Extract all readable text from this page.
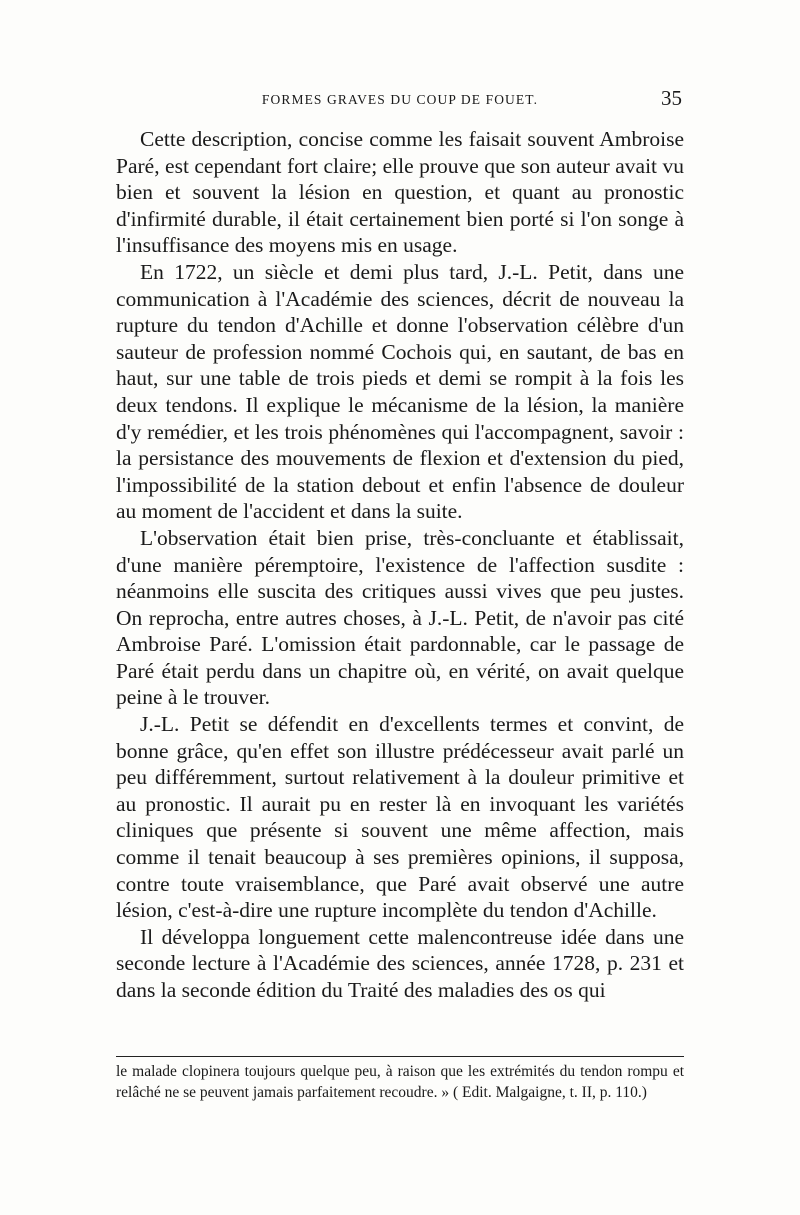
FORMES GRAVES DU COUP DE FOUET.	35

Cette description, concise comme les faisait souvent Ambroise Paré, est cependant fort claire; elle prouve que son auteur avait vu bien et souvent la lésion en question, et quant au pronostic d'infirmité durable, il était certainement bien porté si l'on songe à l'insuffisance des moyens mis en usage.

En 1722, un siècle et demi plus tard, J.-L. Petit, dans une communication à l'Académie des sciences, décrit de nouveau la rupture du tendon d'Achille et donne l'observation célèbre d'un sauteur de profession nommé Cochois qui, en sautant, de bas en haut, sur une table de trois pieds et demi se rompit à la fois les deux tendons. Il explique le mécanisme de la lésion, la manière d'y remédier, et les trois phénomènes qui l'accompagnent, savoir : la persistance des mouvements de flexion et d'extension du pied, l'impossibilité de la station debout et enfin l'absence de douleur au moment de l'accident et dans la suite.

L'observation était bien prise, très-concluante et établissait, d'une manière péremptoire, l'existence de l'affection susdite : néanmoins elle suscita des critiques aussi vives que peu justes. On reprocha, entre autres choses, à J.-L. Petit, de n'avoir pas cité Ambroise Paré. L'omission était pardonnable, car le passage de Paré était perdu dans un chapitre où, en vérité, on avait quelque peine à le trouver.

J.-L. Petit se défendit en d'excellents termes et convint, de bonne grâce, qu'en effet son illustre prédécesseur avait parlé un peu différemment, surtout relativement à la douleur primitive et au pronostic. Il aurait pu en rester là en invoquant les variétés cliniques que présente si souvent une même affection, mais comme il tenait beaucoup à ses premières opinions, il supposa, contre toute vraisemblance, que Paré avait observé une autre lésion, c'est-à-dire une rupture incomplète du tendon d'Achille.

Il développa longuement cette malencontreuse idée dans une seconde lecture à l'Académie des sciences, année 1728, p. 231 et dans la seconde édition du Traité des maladies des os qui

le malade clopinera toujours quelque peu, à raison que les extrémités du tendon rompu et relâché ne se peuvent jamais parfaitement recoudre. » ( Edit. Malgaigne, t. II, p. 110.)
